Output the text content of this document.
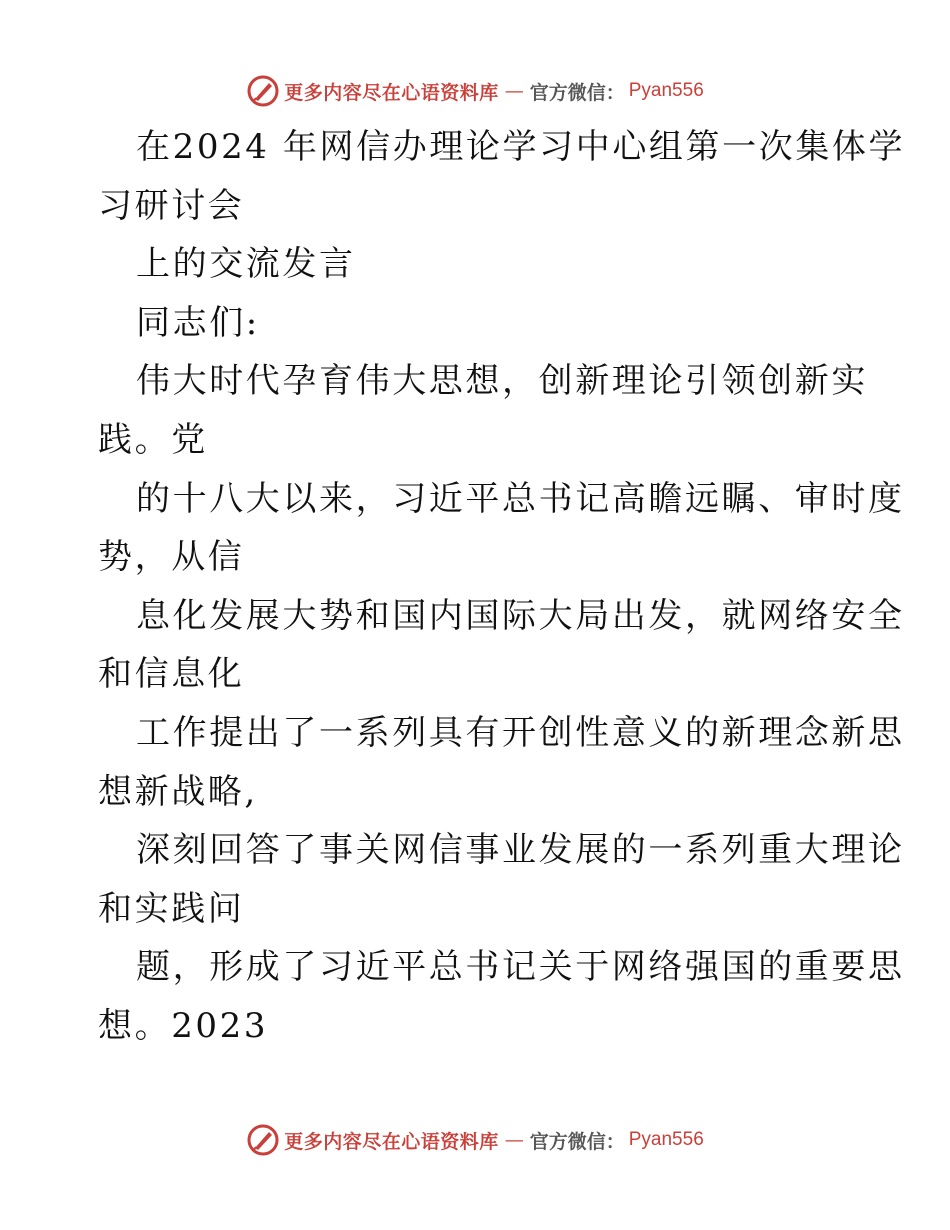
更多内容尽在心语资料库 — 官方微信： Pyan556
在2024 年网信办理论学习中心组第一次集体学
习研讨会
上的交流发言
同志们:
伟大时代孕育伟大思想，创新理论引领创新实
践。党
的十八大以来，习近平总书记高瞻远瞩、审时度
势，从信
息化发展大势和国内国际大局出发，就网络安全
和信息化
工作提出了一系列具有开创性意义的新理念新思
想新战略,
深刻回答了事关网信事业发展的一系列重大理论
和实践问
题，形成了习近平总书记关于网络强国的重要思
想。2023
更多内容尽在心语资料库 — 官方微信： Pyan556
